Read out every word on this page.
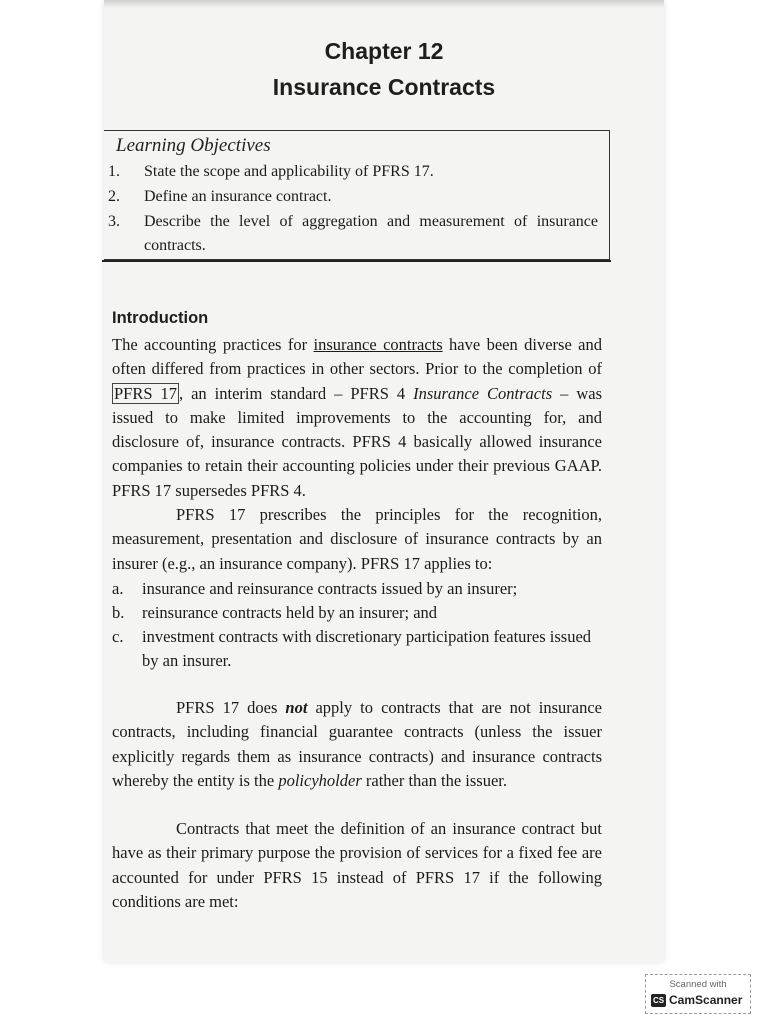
Chapter 12
Insurance Contracts
Learning Objectives
1.	State the scope and applicability of PFRS 17.
2.	Define an insurance contract.
3.	Describe the level of aggregation and measurement of insurance contracts.
Introduction
The accounting practices for insurance contracts have been diverse and often differed from practices in other sectors. Prior to the completion of PFRS 17 , an interim standard – PFRS 4 Insurance Contracts – was issued to make limited improvements to the accounting for, and disclosure of, insurance contracts. PFRS 4 basically allowed insurance companies to retain their accounting policies under their previous GAAP. PFRS 17 supersedes PFRS 4.
PFRS 17 prescribes the principles for the recognition, measurement, presentation and disclosure of insurance contracts by an insurer (e.g., an insurance company). PFRS 17 applies to:
a. insurance and reinsurance contracts issued by an insurer;
b. reinsurance contracts held by an insurer; and
c. investment contracts with discretionary participation features issued by an insurer.
PFRS 17 does not apply to contracts that are not insurance contracts, including financial guarantee contracts (unless the issuer explicitly regards them as insurance contracts) and insurance contracts whereby the entity is the policyholder rather than the issuer.
Contracts that meet the definition of an insurance contract but have as their primary purpose the provision of services for a fixed fee are accounted for under PFRS 15 instead of PFRS 17 if the following conditions are met:
Scanned with
CS CamScanner
